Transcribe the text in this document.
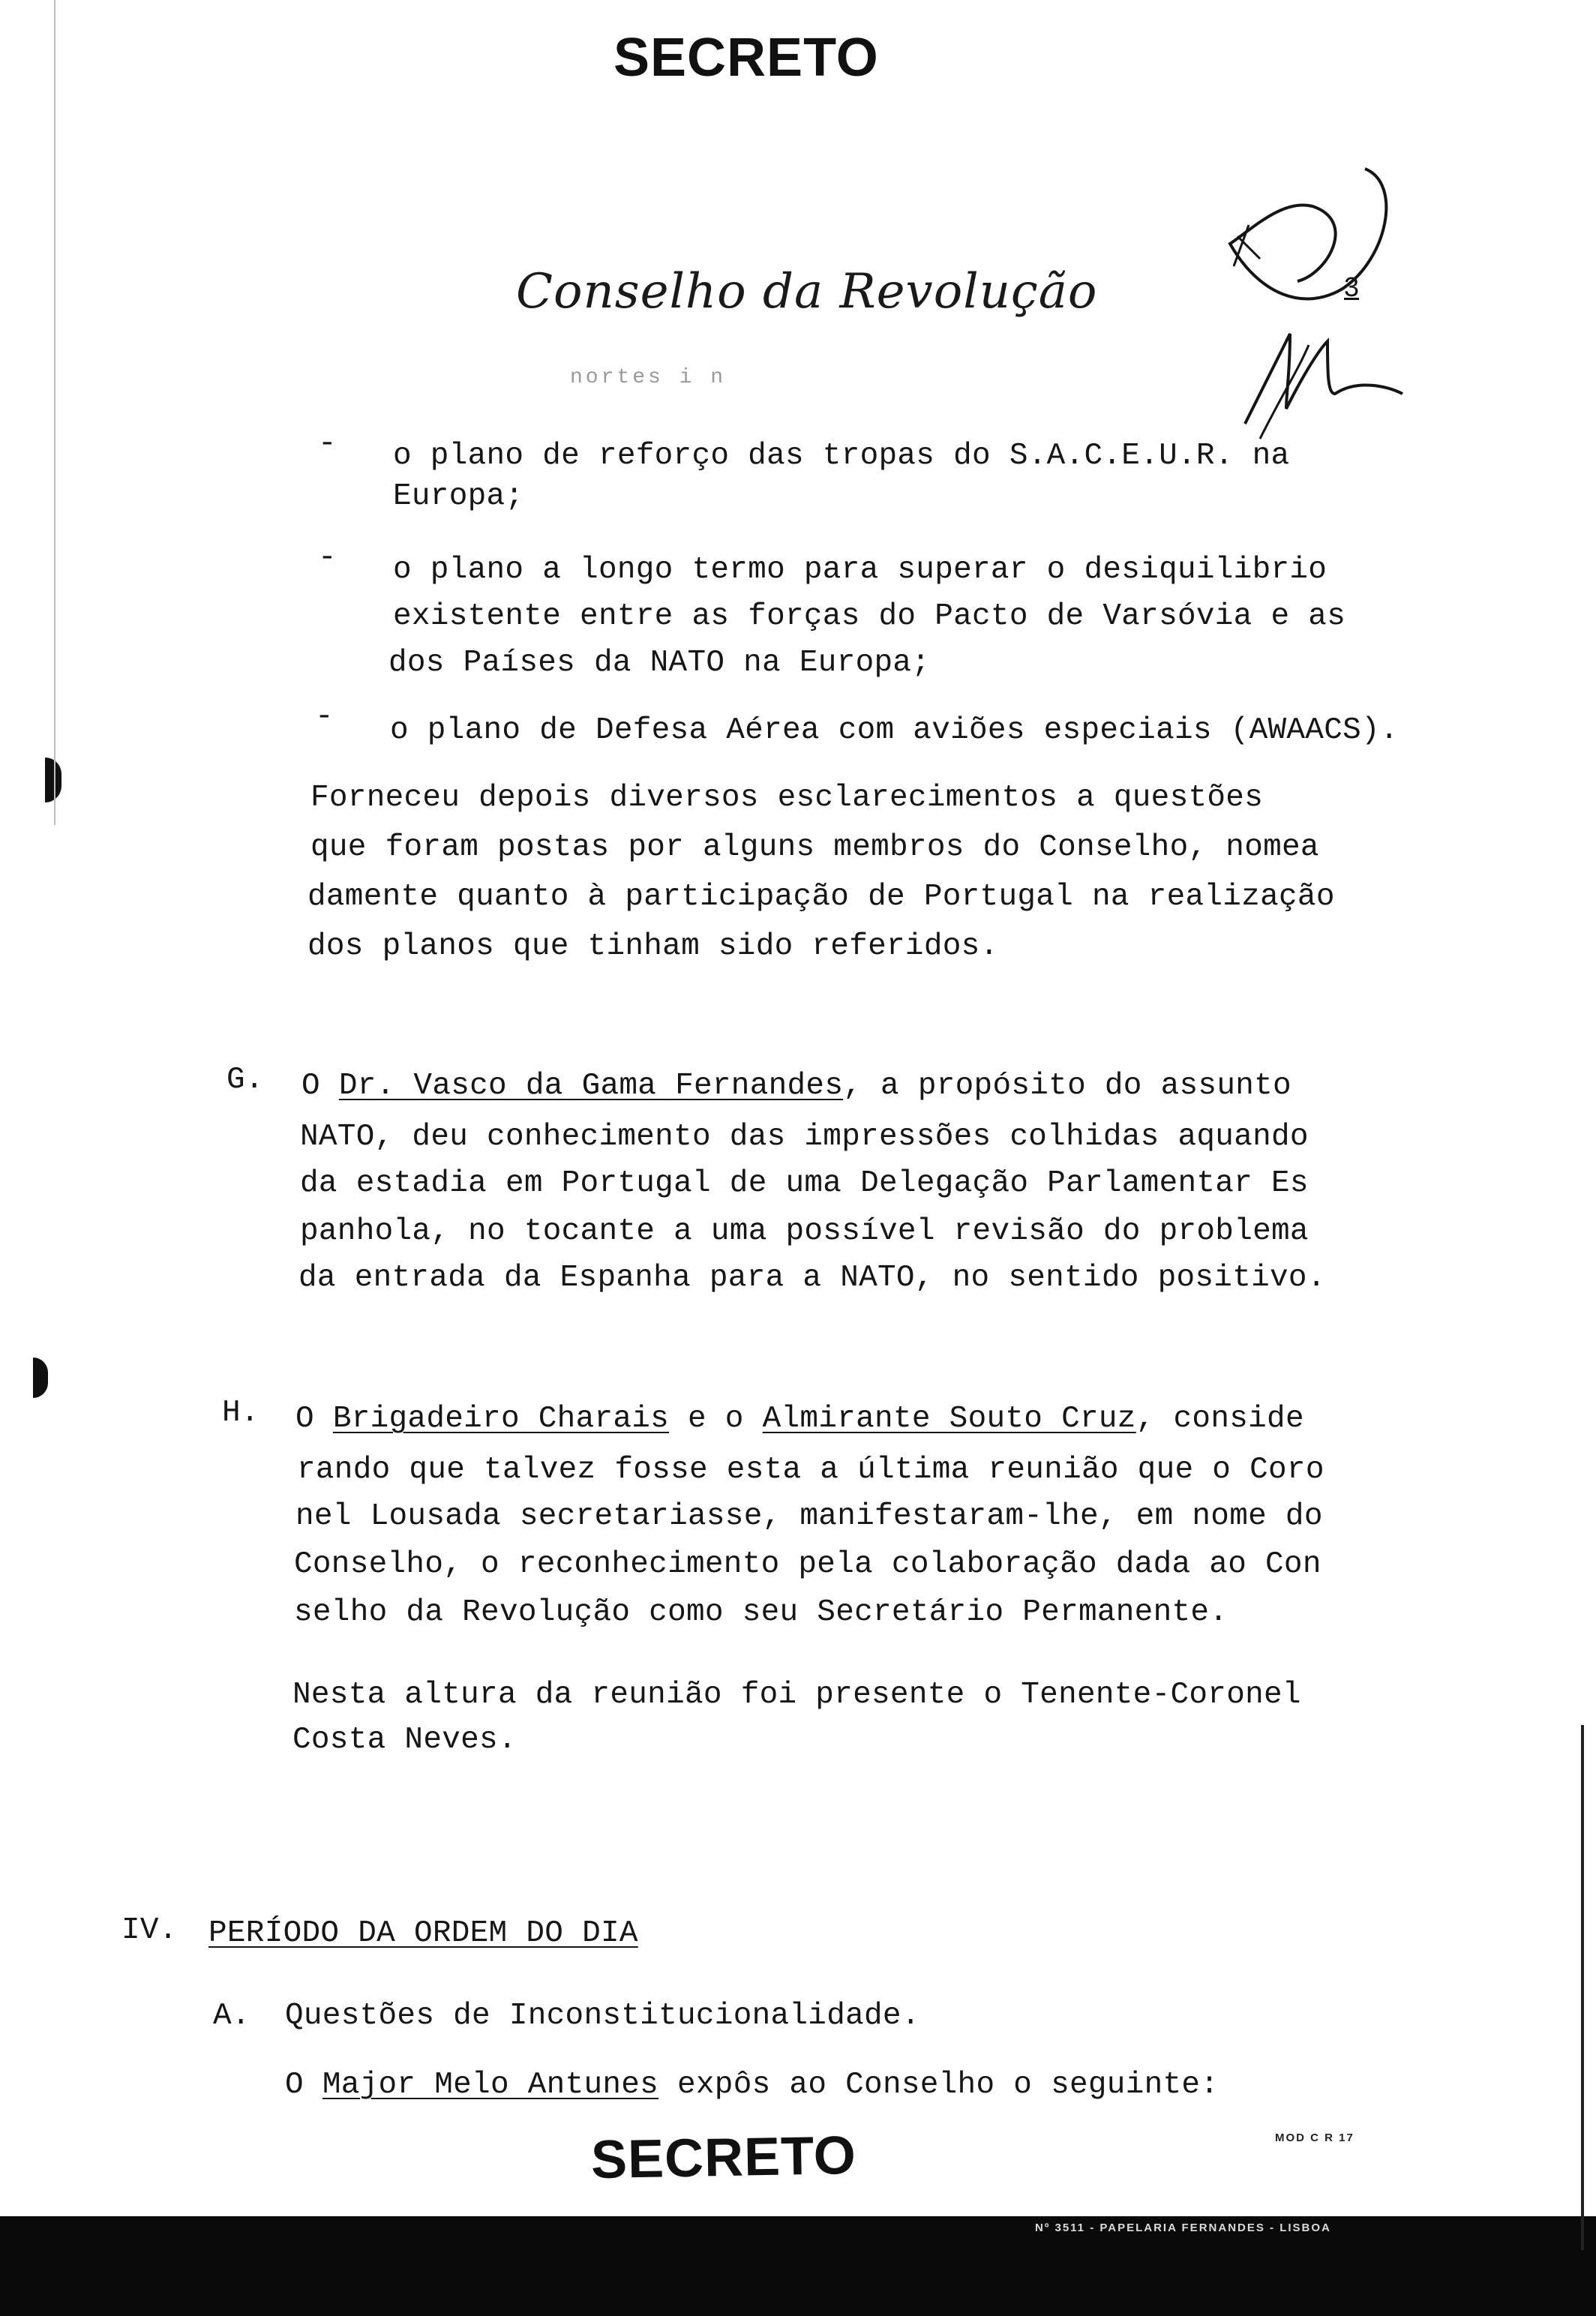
SECRETO
Conselho da Revolução
nortes i n
3
- o plano de reforço das tropas do S.A.C.E.U.R. na
Europa;
- o plano a longo termo para superar o desiquilibrio
existente entre as forças do Pacto de Varsóvia e as
dos Países da NATO na Europa;
- o plano de Defesa Aérea com aviões especiais (AWAACS).
Forneceu depois diversos esclarecimentos a questões
que foram postas por alguns membros do Conselho, nomea
damente quanto à participação de Portugal na realização
dos planos que tinham sido referidos.
G. O Dr. Vasco da Gama Fernandes, a propósito do assunto
NATO, deu conhecimento das impressões colhidas aquando
da estadia em Portugal de uma Delegação Parlamentar Es
panhola, no tocante a uma possível revisão do problema
da entrada da Espanha para a NATO, no sentido positivo.
H. O Brigadeiro Charais e o Almirante Souto Cruz, conside
rando que talvez fosse esta a última reunião que o Coro
nel Lousada secretariasse, manifestaram-lhe, em nome do
Conselho, o reconhecimento pela colaboração dada ao Con
selho da Revolução como seu Secretário Permanente.
Nesta altura da reunião foi presente o Tenente-Coronel
Costa Neves.
IV. PERÍODO DA ORDEM DO DIA
A. Questões de Inconstitucionalidade.
O Major Melo Antunes expôs ao Conselho o seguinte:
MOD C R 17
SECRETO
Nº 3511 - PAPELARIA FERNANDES - LISBOA
